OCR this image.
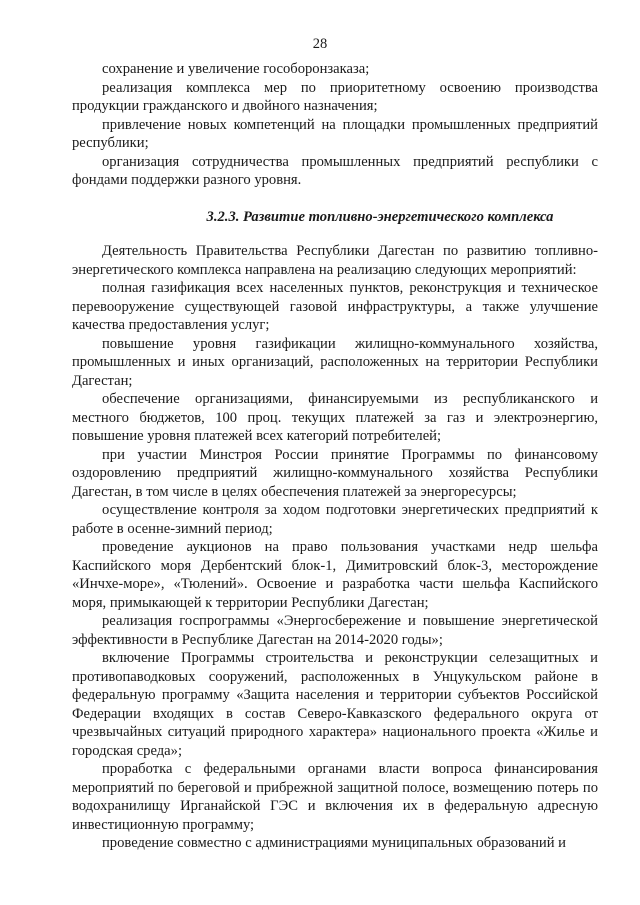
28

сохранение и увеличение гособоронзаказа;

реализация комплекса мер по приоритетному освоению производства продукции гражданского и двойного назначения;

привлечение новых компетенций на площадки промышленных предприятий республики;

организация сотрудничества промышленных предприятий республики с фондами поддержки разного уровня.

3.2.3. Развитие топливно-энергетического комплекса

Деятельность Правительства Республики Дагестан по развитию топливно-энергетического комплекса направлена на реализацию следующих мероприятий:

полная газификация всех населенных пунктов, реконструкция и техническое перевооружение существующей газовой инфраструктуры, а также улучшение качества предоставления услуг;

повышение уровня газификации жилищно-коммунального хозяйства, промышленных и иных организаций, расположенных на территории Республики Дагестан;

обеспечение организациями, финансируемыми из республиканского и местного бюджетов, 100 проц. текущих платежей за газ и электроэнергию, повышение уровня платежей всех категорий потребителей;

при участии Минстроя России принятие Программы по финансовому оздоровлению предприятий жилищно-коммунального хозяйства Республики Дагестан, в том числе в целях обеспечения платежей за энергоресурсы;

осуществление контроля за ходом подготовки энергетических предприятий к работе в осенне-зимний период;

проведение аукционов на право пользования участками недр шельфа Каспийского моря Дербентский блок-1, Димитровский блок-3, месторождение «Инчхе-море», «Тюлений». Освоение и разработка части шельфа Каспийского моря, примыкающей к территории Республики Дагестан;

реализация госпрограммы «Энергосбережение и повышение энергетической эффективности в Республике Дагестан на 2014-2020 годы»;

включение Программы строительства и реконструкции селезащитных и противопаводковых сооружений, расположенных в Унцукульском районе в федеральную программу «Защита населения и территории субъектов Российской Федерации входящих в состав Северо-Кавказского федерального округа от чрезвычайных ситуаций природного характера» национального проекта «Жилье и городская среда»;

проработка с федеральными органами власти вопроса финансирования мероприятий по береговой и прибрежной защитной полосе, возмещению потерь по водохранилищу Ирганайской ГЭС и включения их в федеральную адресную инвестиционную программу;

проведение совместно с администрациями муниципальных образований и
